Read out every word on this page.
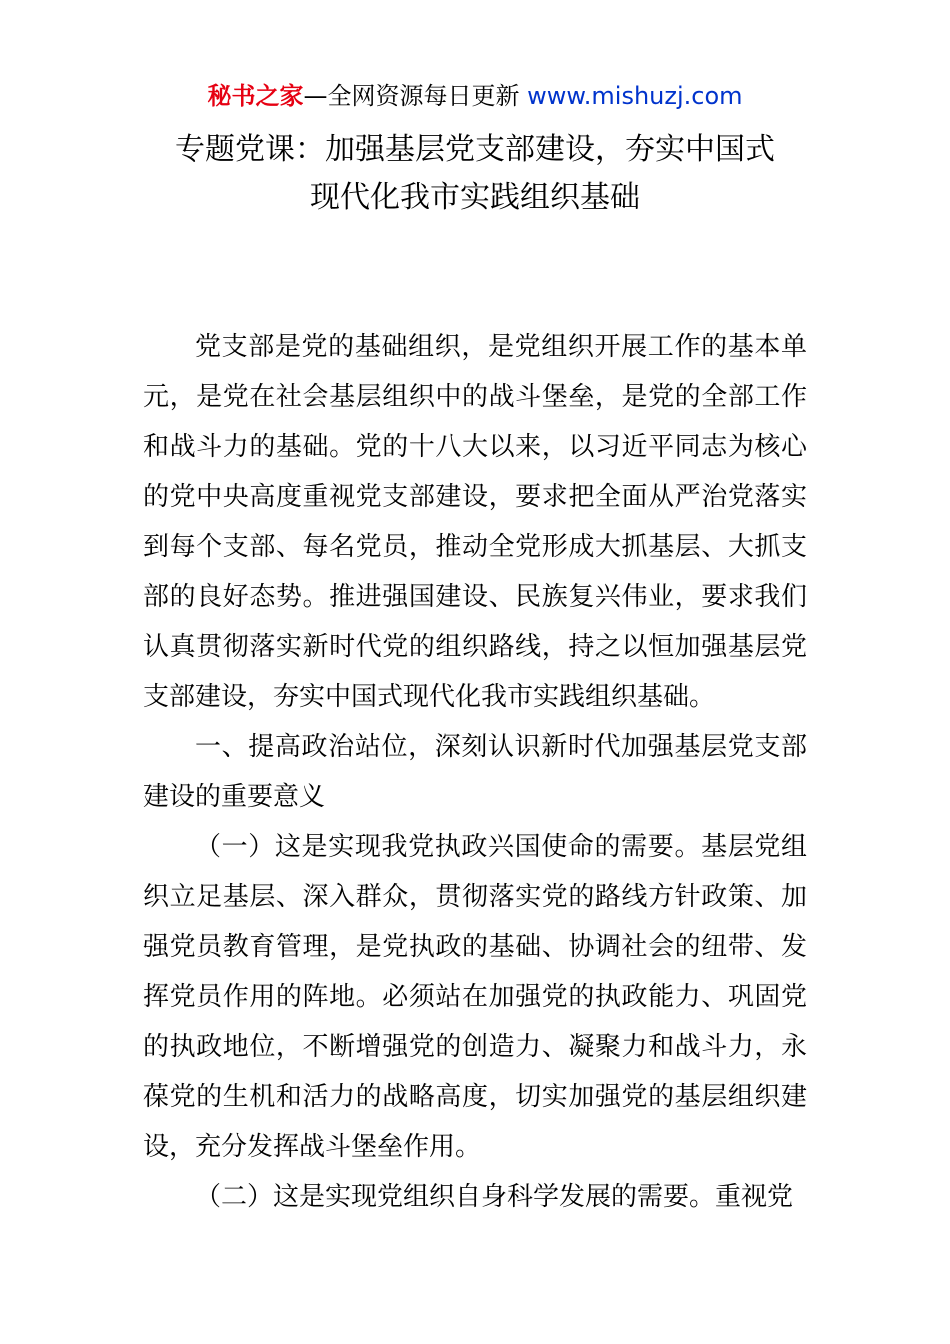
秘书之家—全网资源每日更新 www.mishuzj.com
专题党课：加强基层党支部建设，夯实中国式
现代化我市实践组织基础

党支部是党的基础组织，是党组织开展工作的基本单元，是党在社会基层组织中的战斗堡垒，是党的全部工作和战斗力的基础。党的十八大以来，以习近平同志为核心的党中央高度重视党支部建设，要求把全面从严治党落实到每个支部、每名党员，推动全党形成大抓基层、大抓支部的良好态势。推进强国建设、民族复兴伟业，要求我们认真贯彻落实新时代党的组织路线，持之以恒加强基层党支部建设，夯实中国式现代化我市实践组织基础。

一、提高政治站位，深刻认识新时代加强基层党支部建设的重要意义

（一）这是实现我党执政兴国使命的需要。基层党组织立足基层、深入群众，贯彻落实党的路线方针政策、加强党员教育管理，是党执政的基础、协调社会的纽带、发挥党员作用的阵地。必须站在加强党的执政能力、巩固党的执政地位，不断增强党的创造力、凝聚力和战斗力，永葆党的生机和活力的战略高度，切实加强党的基层组织建设，充分发挥战斗堡垒作用。

（二）这是实现党组织自身科学发展的需要。重视党
